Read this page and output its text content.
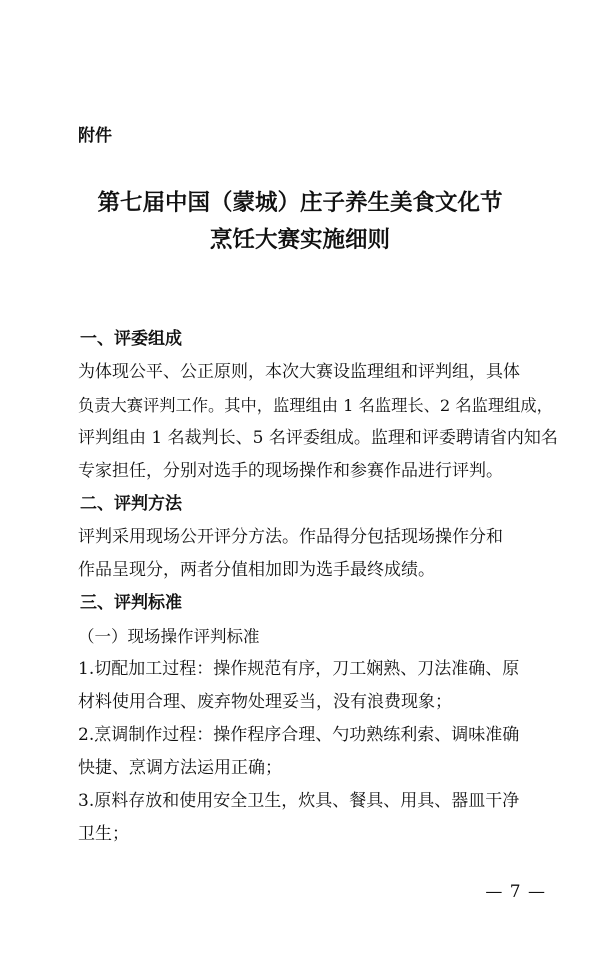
附件
第七届中国（蒙城）庄子养生美食文化节
烹饪大赛实施细则
一、评委组成
为体现公平、公正原则，本次大赛设监理组和评判组，具体
负责大赛评判工作。其中，监理组由 1 名监理长、2 名监理组成，
评判组由 1 名裁判长、5 名评委组成。监理和评委聘请省内知名
专家担任，分别对选手的现场操作和参赛作品进行评判。
二、评判方法
评判采用现场公开评分方法。作品得分包括现场操作分和
作品呈现分，两者分值相加即为选手最终成绩。
三、评判标准
（一）现场操作评判标准
1.切配加工过程：操作规范有序，刀工娴熟、刀法准确、原
材料使用合理、废弃物处理妥当，没有浪费现象；
2.烹调制作过程：操作程序合理、勺功熟练利索、调味准确
快捷、烹调方法运用正确；
3.原料存放和使用安全卫生，炊具、餐具、用具、器皿干净
卫生；
— 7 —
